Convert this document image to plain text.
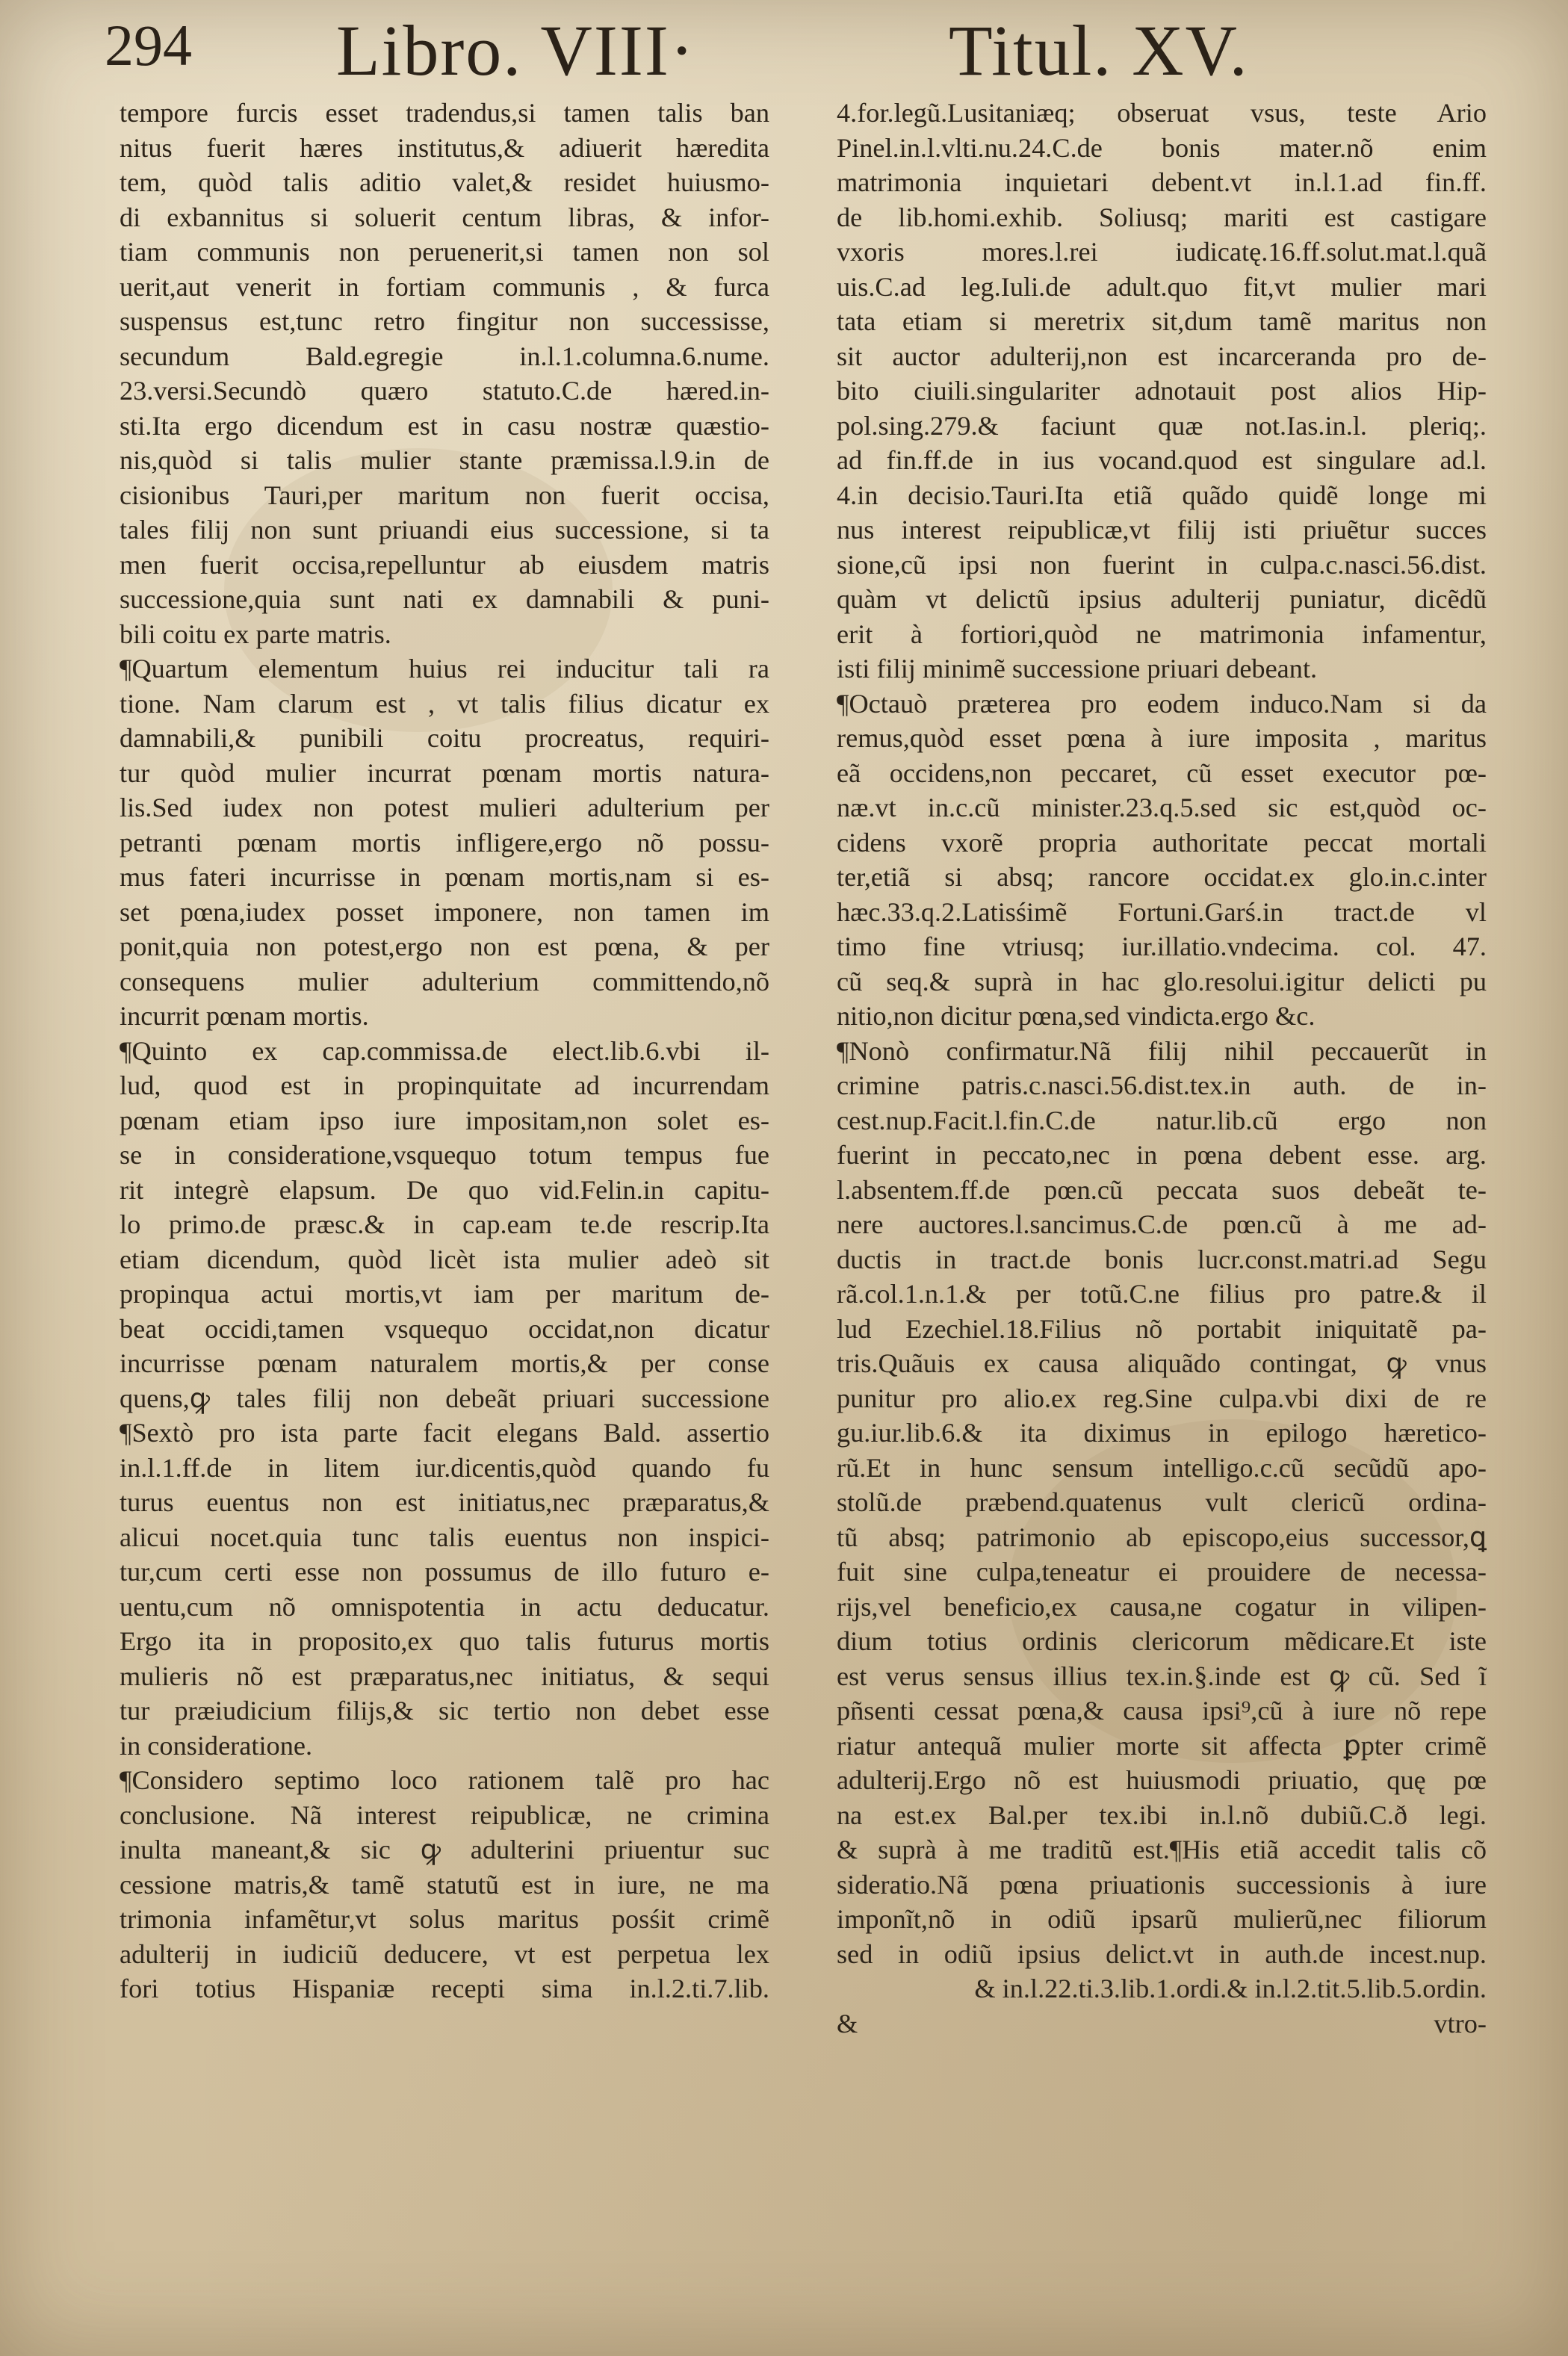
294 Libro. VIII·	Titul. XV.
tempore furcis esset tradendus,si tamen talis ban
nitus fuerit hæres institutus,& adiuerit hæredita
tem, quòd talis aditio valet,& residet huiusmo-
di exbannitus si soluerit centum libras, & infor-
tiam communis non peruenerit,si tamen non sol
uerit,aut venerit in fortiam communis , & furca
suspensus est,tunc retro fingitur non successisse,
secundum Bald.egregie in.l.1.columna.6.nume.
23.versi.Secundò quæro statuto.C.de hæred.in-
sti.Ita ergo dicendum est in casu nostræ quæstio-
nis,quòd si talis mulier stante præmissa.l.9.in de
cisionibus Tauri,per maritum non fuerit occisa,
tales filij non sunt priuandi eius successione, si ta
men fuerit occisa,repelluntur ab eiusdem matris
successione,quia sunt nati ex damnabili & puni-
bili coitu ex parte matris.
¶Quartum elementum huius rei inducitur tali ra
tione. Nam clarum est , vt talis filius dicatur ex
damnabili,& punibili coitu procreatus, requiri-
tur quòd mulier incurrat pœnam mortis natura-
lis.Sed iudex non potest mulieri adulterium per
petranti pœnam mortis infligere,ergo nõ possu-
mus fateri incurrisse in pœnam mortis,nam si es-
set pœna,iudex posset imponere, non tamen im
ponit,quia non potest,ergo non est pœna, & per
consequens mulier adulterium committendo,nõ
incurrit pœnam mortis.
¶Quinto ex cap.commissa.de elect.lib.6.vbi il-
lud, quod est in propinquitate ad incurrendam
pœnam etiam ipso iure impositam,non solet es-
se in consideratione,vsquequo totum tempus fue
rit integrè elapsum. De quo vid.Felin.in capitu-
lo primo.de præsc.& in cap.eam te.de rescrip.Ita
etiam dicendum, quòd licèt ista mulier adeò sit
propinqua actui mortis,vt iam per maritum de-
beat occidi,tamen vsquequo occidat,non dicatur
incurrisse pœnam naturalem mortis,& per conse
quens,ꝙ tales filij non debeãt priuari successione
¶Sextò pro ista parte facit elegans Bald. assertio
in.l.1.ff.de in litem iur.dicentis,quòd quando fu
turus euentus non est initiatus,nec præparatus,&
alicui nocet.quia tunc talis euentus non inspici-
tur,cum certi esse non possumus de illo futuro e-
uentu,cum nõ omnispotentia in actu deducatur.
Ergo ita in proposito,ex quo talis futurus mortis
mulieris nõ est præparatus,nec initiatus, & sequi
tur præiudicium filijs,& sic tertio non debet esse
in consideratione.
¶Considero septimo loco rationem talẽ pro hac
conclusione. Nã interest reipublicæ, ne crimina
inulta maneant,& sic ꝙ adulterini priuentur suc
cessione matris,& tamẽ statutũ est in iure, ne ma
trimonia infamẽtur,vt solus maritus posśit crimẽ
adulterij in iudiciũ deducere, vt est perpetua lex
fori totius Hispaniæ recepti sima in.l.2.ti.7.lib.
4.for.legũ.Lusitaniæq; obseruat vsus, teste Ario
Pinel.in.l.vlti.nu.24.C.de bonis mater.nõ enim
matrimonia inquietari debent.vt in.l.1.ad fin.ff.
de lib.homi.exhib. Soliusq; mariti est castigare
vxoris mores.l.rei iudicatę.16.ff.solut.mat.l.quã
uis.C.ad leg.Iuli.de adult.quo fit,vt mulier mari
tata etiam si meretrix sit,dum tamẽ maritus non
sit auctor adulterij,non est incarceranda pro de-
bito ciuili.singulariter adnotauit post alios Hip-
pol.sing.279.& faciunt quæ not.Ias.in.l. pleriq;.
ad fin.ff.de in ius vocand.quod est singulare ad.l.
4.in decisio.Tauri.Ita etiã quãdo quidẽ longe mi
nus interest reipublicæ,vt filij isti priuẽtur succes
sione,cũ ipsi non fuerint in culpa.c.nasci.56.dist.
quàm vt delictũ ipsius adulterij puniatur, dicẽdũ
erit à fortiori,quòd ne matrimonia infamentur,
isti filij minimẽ successione priuari debeant.
¶Octauò præterea pro eodem induco.Nam si da
remus,quòd esset pœna à iure imposita , maritus
eã occidens,non peccaret, cũ esset executor pœ-
næ.vt in.c.cũ minister.23.q.5.sed sic est,quòd oc-
cidens vxorẽ propria authoritate peccat mortali
ter,etiã si absq; rancore occidat.ex glo.in.c.inter
hæc.33.q.2.Latisśimẽ Fortuni.Garś.in tract.de vl
timo fine vtriusq; iur.illatio.vndecima. col. 47.
cũ seq.& suprà in hac glo.resolui.igitur delicti pu
nitio,non dicitur pœna,sed vindicta.ergo &c.
¶Nonò confirmatur.Nã filij nihil peccauerũt in
crimine patris.c.nasci.56.dist.tex.in auth. de in-
cest.nup.Facit.l.fin.C.de natur.lib.cũ ergo non
fuerint in peccato,nec in pœna debent esse. arg.
l.absentem.ff.de pœn.cũ peccata suos debeãt te-
nere auctores.l.sancimus.C.de pœn.cũ à me ad-
ductis in tract.de bonis lucr.const.matri.ad Segu
rã.col.1.n.1.& per totũ.C.ne filius pro patre.& il
lud Ezechiel.18.Filius nõ portabit iniquitatẽ pa-
tris.Quãuis ex causa aliquãdo contingat, ꝙ vnus
punitur pro alio.ex reg.Sine culpa.vbi dixi de re
gu.iur.lib.6.& ita diximus in epilogo hæretico-
rũ.Et in hunc sensum intelligo.c.cũ secũdũ apo-
stolũ.de præbend.quatenus vult clericũ ordina-
tũ absq; patrimonio ab episcopo,eius successor,ꝗ
fuit sine culpa,teneatur ei prouidere de necessa-
rijs,vel beneficio,ex causa,ne cogatur in vilipen-
dium totius ordinis clericorum mẽdicare.Et iste
est verus sensus illius tex.in.§.inde est ꝙ cũ. Sed ĩ
pñsenti cessat pœna,& causa ipsi⁹,cũ à iure nõ repe
riatur antequã mulier morte sit affecta ꝑpter crimẽ
adulterij.Ergo nõ est huiusmodi priuatio, quę pœ
na est.ex Bal.per tex.ibi in.l.nõ dubiũ.C.ð legi.
& suprà à me traditũ est.¶His etiã accedit talis cõ
sideratio.Nã pœna priuationis successionis à iure
imponĩt,nõ in odiũ ipsarũ mulierũ,nec filiorum
sed in odiũ ipsius delict.vt in auth.de incest.nup.
& in.l.22.ti.3.lib.1.ordi.& in.l.2.tit.5.lib.5.ordin.
& vtro-
